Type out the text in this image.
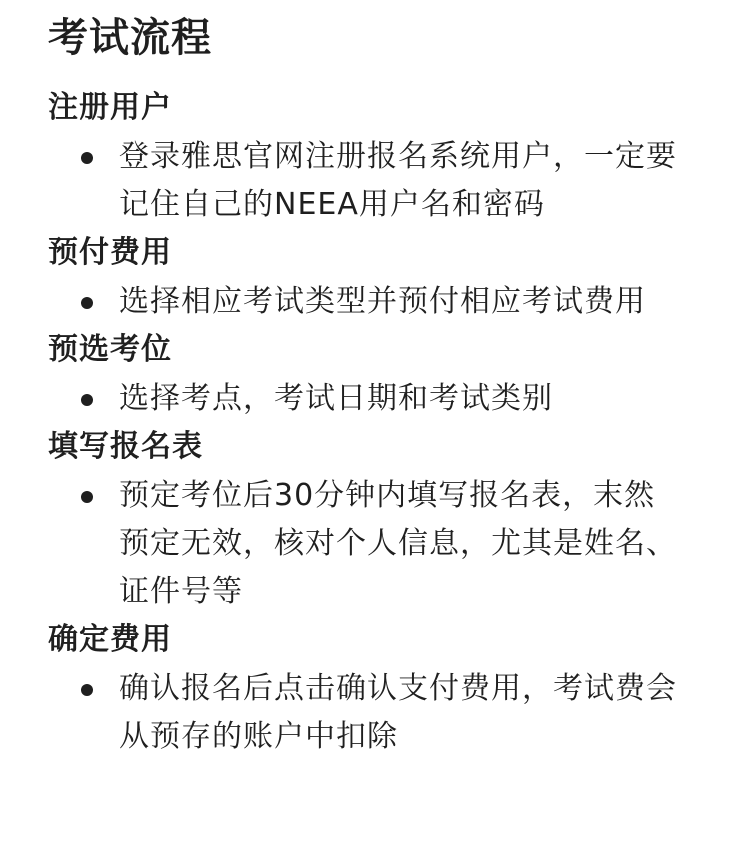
考试流程
注册用户
登录雅思官网注册报名系统用户，一定要记住自己的NEEA用户名和密码
预付费用
选择相应考试类型并预付相应考试费用
预选考位
选择考点，考试日期和考试类别
填写报名表
预定考位后30分钟内填写报名表，末然预定无效，核对个人信息，尤其是姓名、证件号等
确定费用
确认报名后点击确认支付费用，考试费会从预存的账户中扣除
